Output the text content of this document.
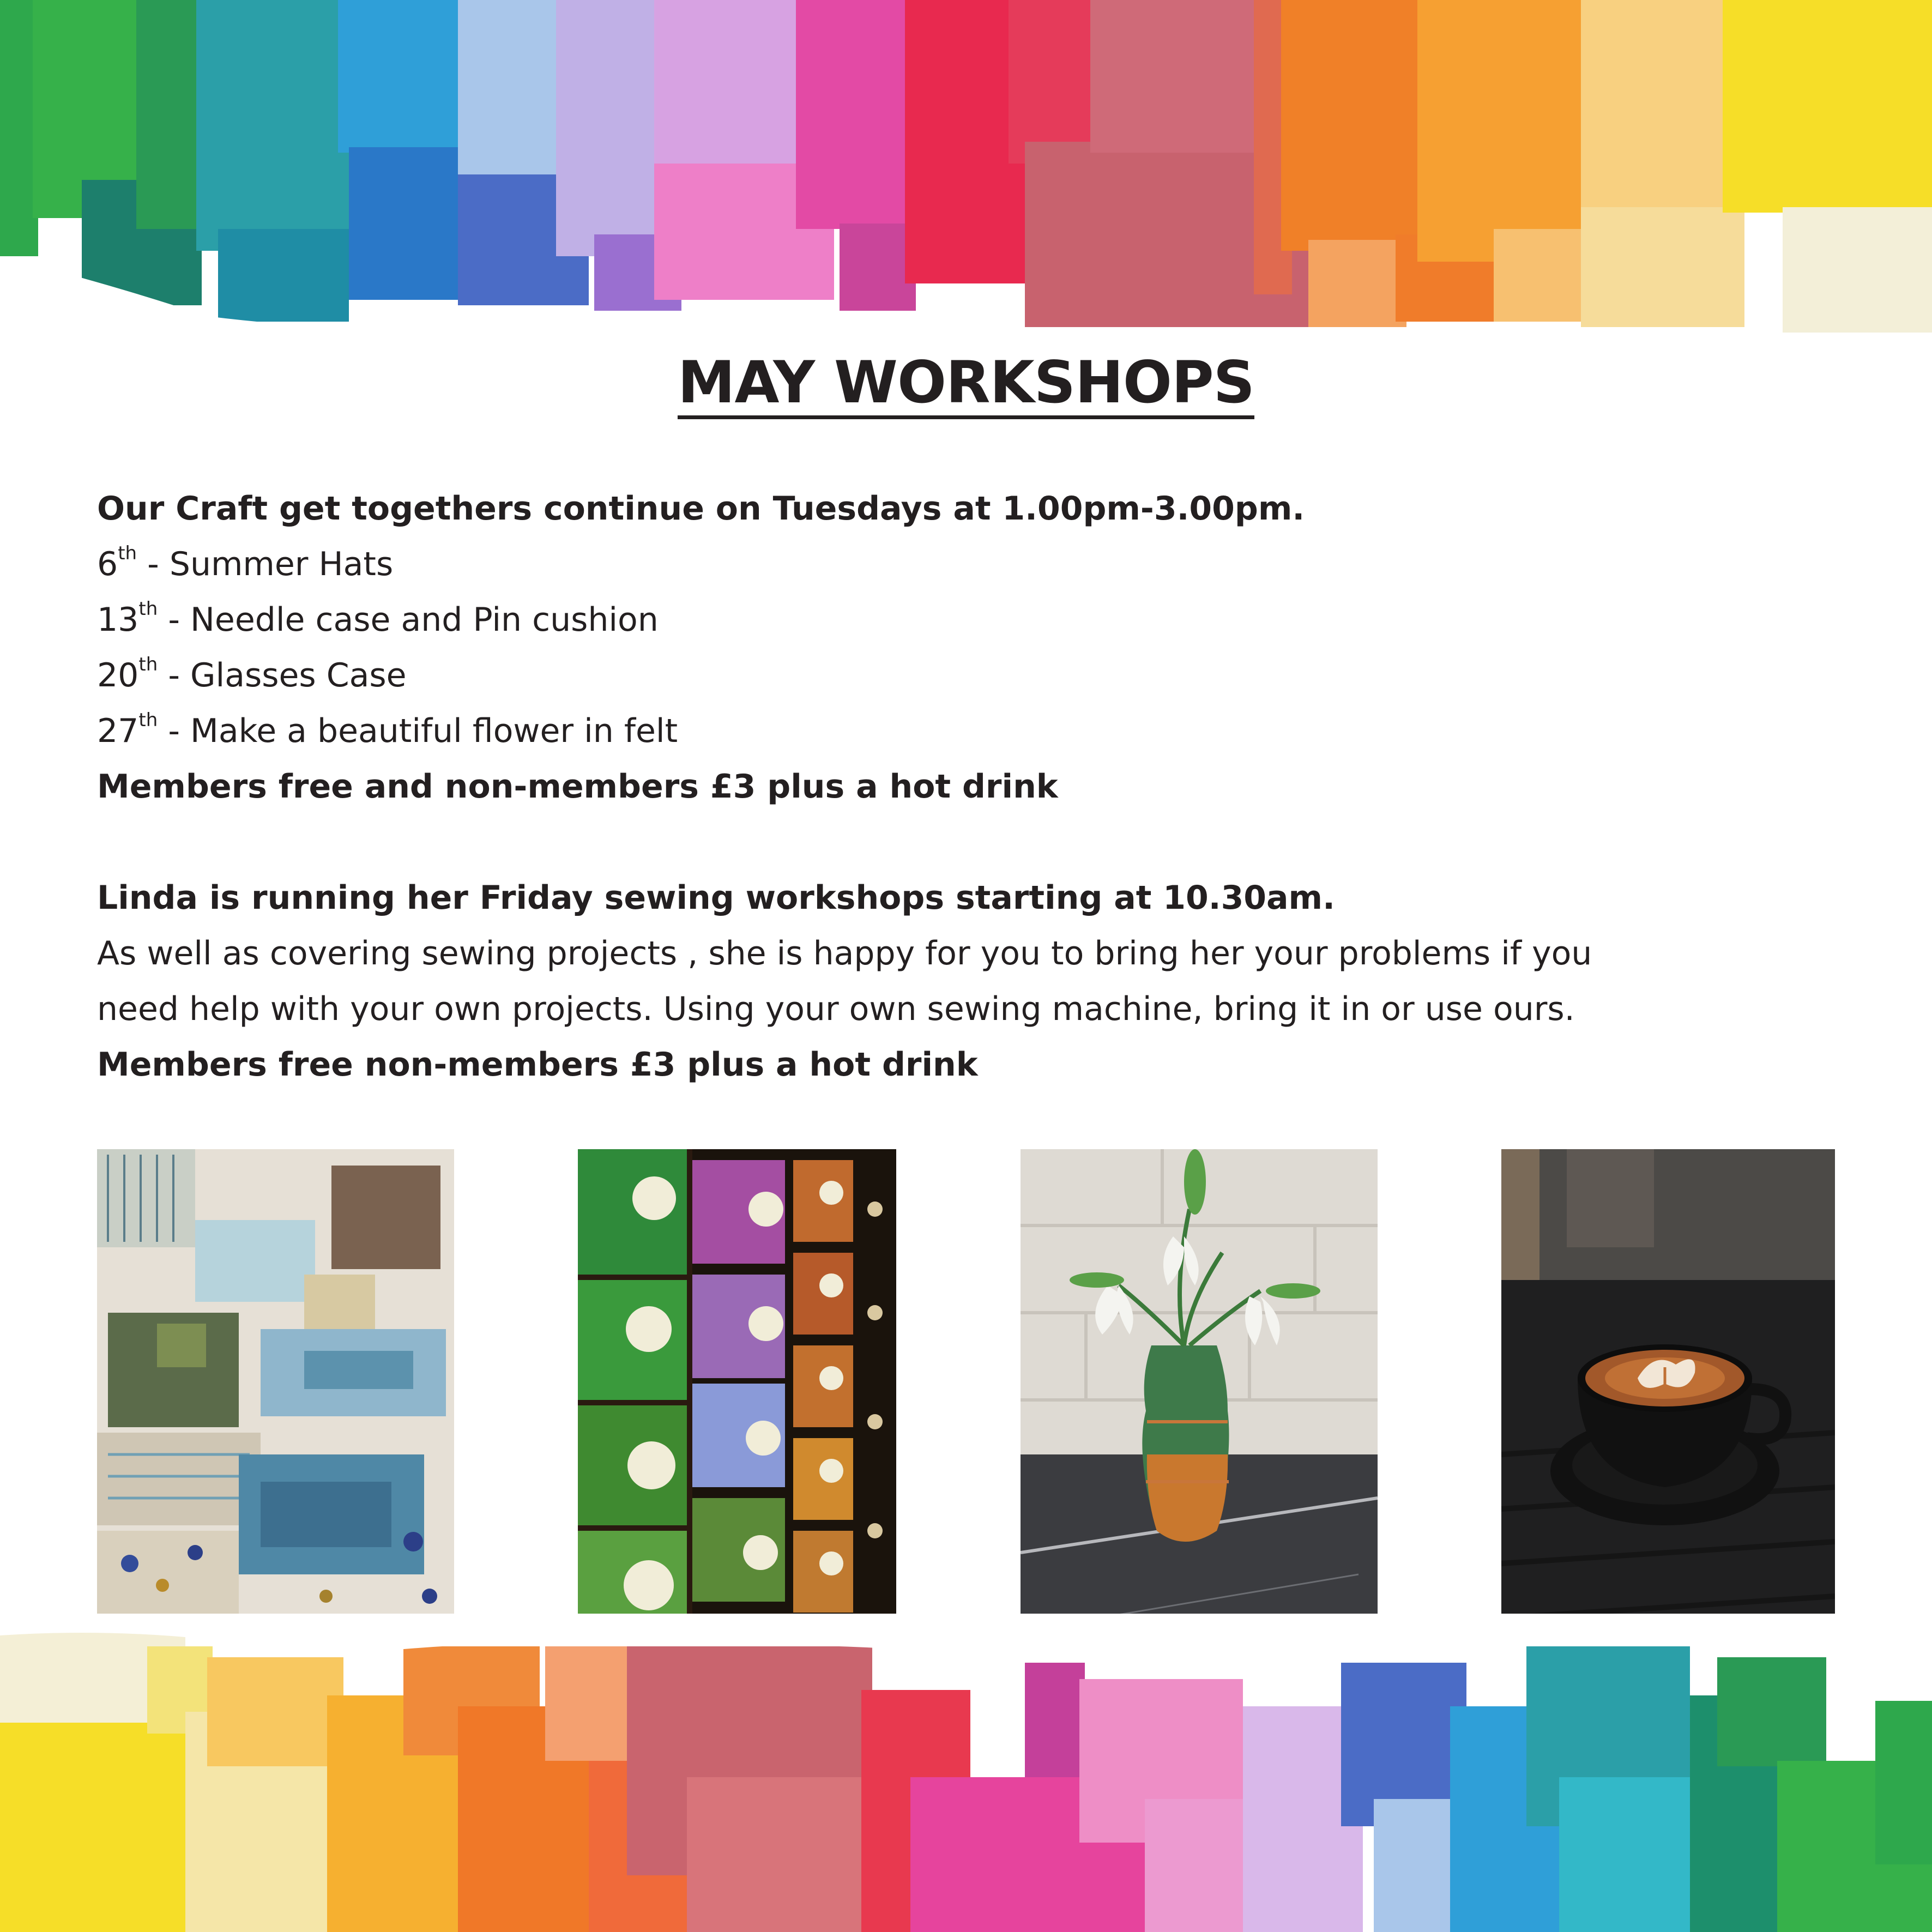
MAY WORKSHOPS

Our Craft get togethers continue on Tuesdays at 1.00pm-3.00pm.

6th - Summer Hats

13th - Needle case and Pin cushion

20th - Glasses Case

27th - Make a beautiful flower in felt

Members free and non-members £3 plus a hot drink

Linda is running her Friday sewing workshops starting at 10.30am.

As well as covering sewing projects , she is happy for you to bring her your problems if you

need help with your own projects. Using your own sewing machine, bring it in or use ours.

Members free non-members £3 plus a hot drink
